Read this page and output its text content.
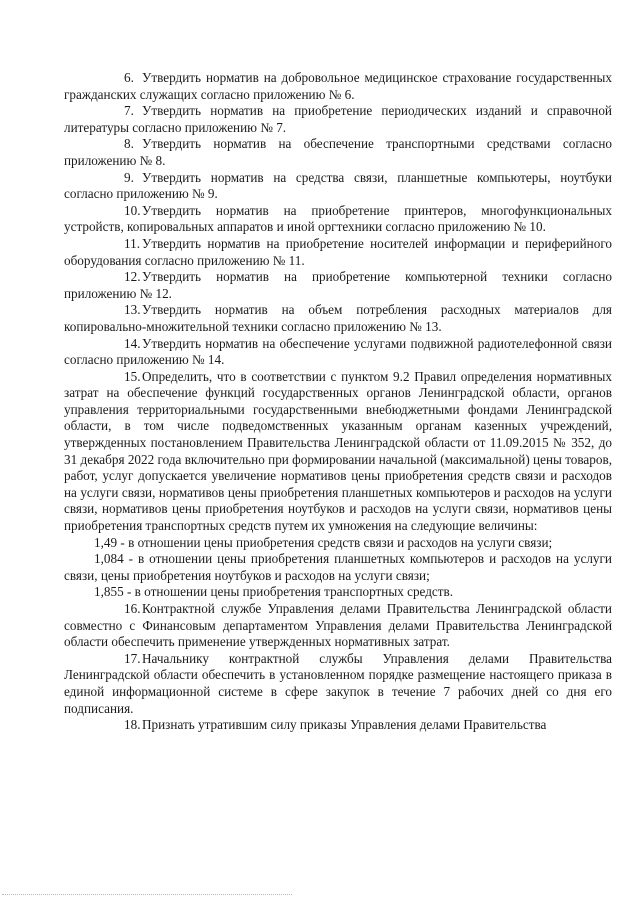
6. Утвердить норматив на добровольное медицинское страхование государственных гражданских служащих согласно приложению № 6.

7. Утвердить норматив на приобретение периодических изданий и справочной литературы согласно приложению № 7.

8. Утвердить норматив на обеспечение транспортными средствами согласно приложению № 8.

9. Утвердить норматив на средства связи, планшетные компьютеры, ноутбуки согласно приложению № 9.

10. Утвердить норматив на приобретение принтеров, многофункциональных устройств, копировальных аппаратов и иной оргтехники согласно приложению № 10.

11. Утвердить норматив на приобретение носителей информации и периферийного оборудования согласно приложению № 11.

12. Утвердить норматив на приобретение компьютерной техники согласно приложению № 12.

13. Утвердить норматив на объем потребления расходных материалов для копировально-множительной техники согласно приложению № 13.

14. Утвердить норматив на обеспечение услугами подвижной радиотелефонной связи согласно приложению № 14.

15. Определить, что в соответствии с пунктом 9.2 Правил определения нормативных затрат на обеспечение функций государственных органов Ленинградской области, органов управления территориальными государственными внебюджетными фондами Ленинградской области, в том числе подведомственных указанным органам казенных учреждений, утвержденных постановлением Правительства Ленинградской области от 11.09.2015 № 352, до 31 декабря 2022 года включительно при формировании начальной (максимальной) цены товаров, работ, услуг допускается увеличение нормативов цены приобретения средств связи и расходов на услуги связи, нормативов цены приобретения планшетных компьютеров и расходов на услуги связи, нормативов цены приобретения ноутбуков и расходов на услуги связи, нормативов цены приобретения транспортных средств путем их умножения на следующие величины:

1,49 - в отношении цены приобретения средств связи и расходов на услуги связи;

1,084 - в отношении цены приобретения планшетных компьютеров и расходов на услуги связи, цены приобретения ноутбуков и расходов на услуги связи;

1,855 - в отношении цены приобретения транспортных средств.

16. Контрактной службе Управления делами Правительства Ленинградской области совместно с Финансовым департаментом Управления делами Правительства Ленинградской области обеспечить применение утвержденных нормативных затрат.

17. Начальнику контрактной службы Управления делами Правительства Ленинградской области обеспечить в установленном порядке размещение настоящего приказа в единой информационной системе в сфере закупок в течение 7 рабочих дней со дня его подписания.

18. Признать утратившим силу приказы Управления делами Правительства
